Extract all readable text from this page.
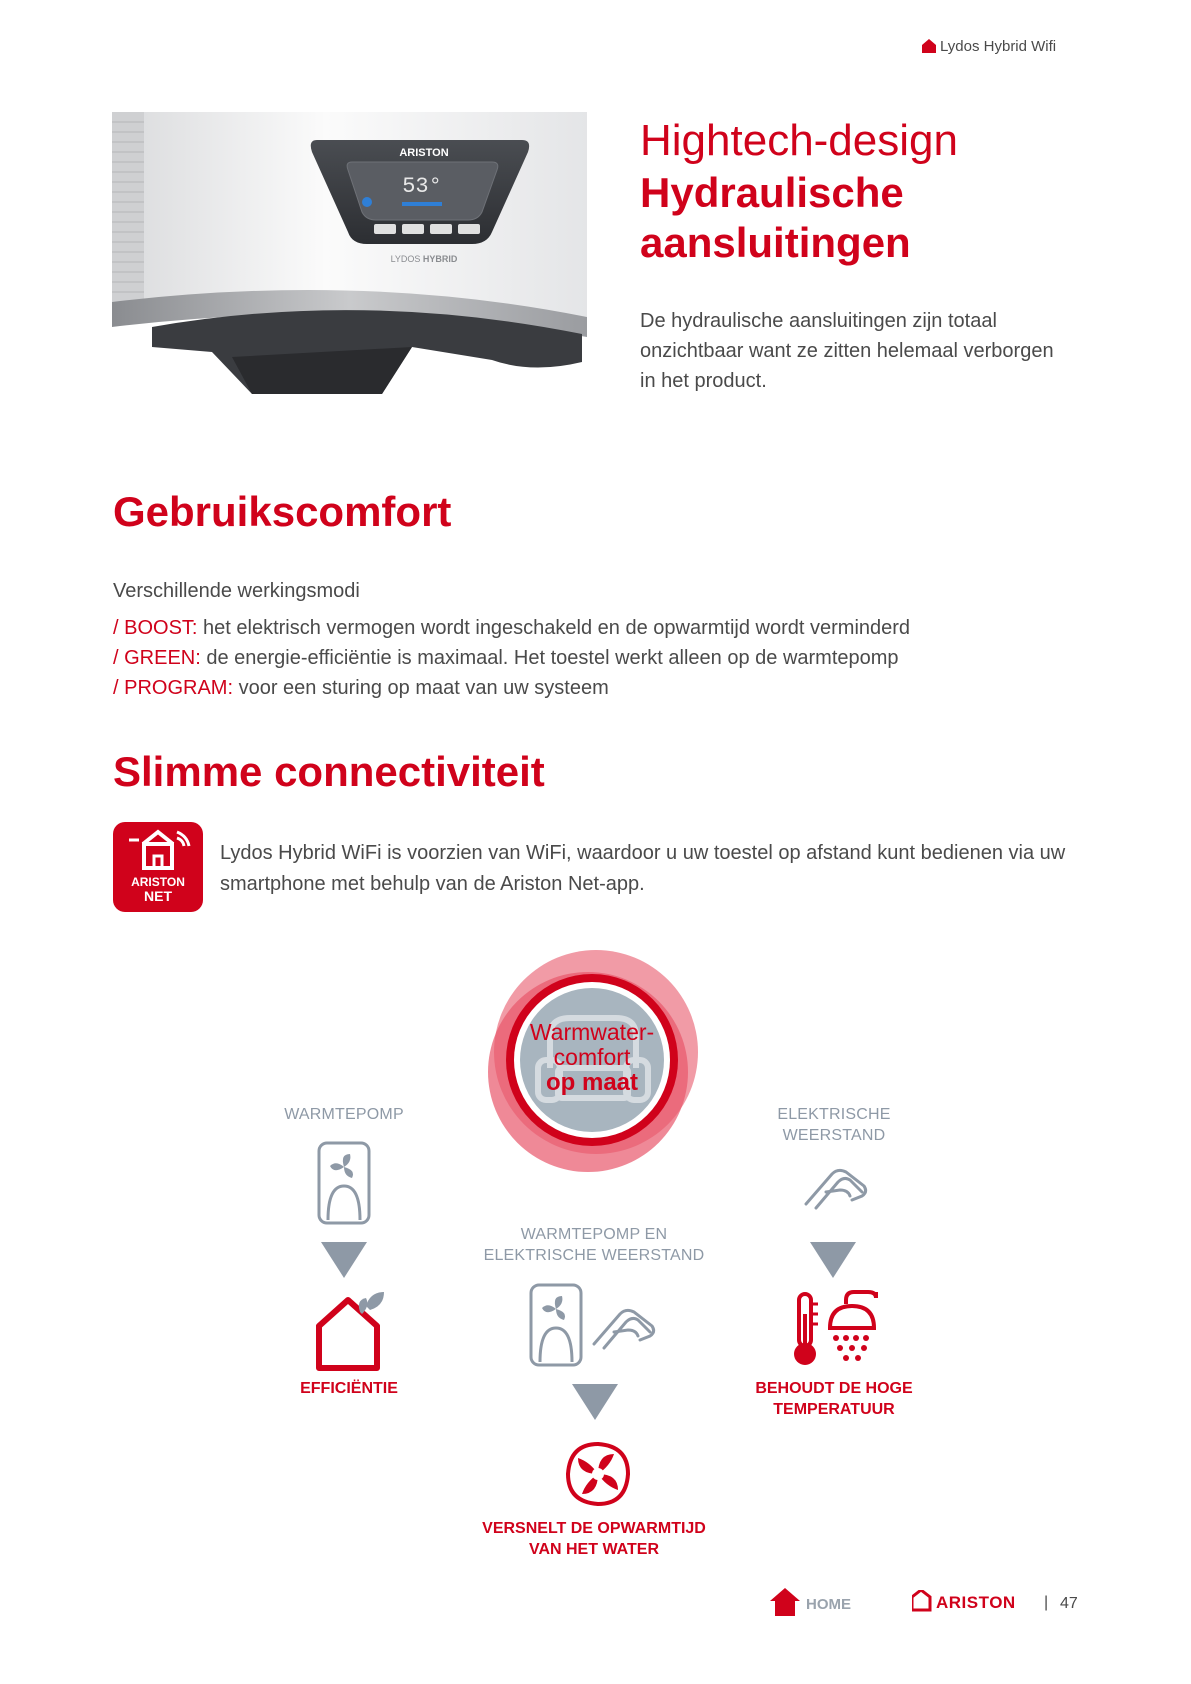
Lydos Hybrid Wifi
ARISTON
53°
LYDOS HYBRID
Hightech-design
Hydraulische aansluitingen
De hydraulische aansluitingen zijn totaal onzichtbaar want ze zitten helemaal verborgen in het product.
Gebruikscomfort
Verschillende werkingsmodi
/ BOOST: het elektrisch vermogen wordt ingeschakeld en de opwarmtijd wordt verminderd
/ GREEN: de energie-efficiëntie is maximaal. Het toestel werkt alleen op de warmtepomp
/ PROGRAM: voor een sturing op maat van uw systeem
Slimme connectiviteit
ARISTON
NET
Lydos Hybrid WiFi is voorzien van WiFi, waardoor u uw toestel op afstand kunt bedienen via uw smartphone met behulp van de Ariston Net-app.
Warmwater-
comfort
op maat
WARMTEPOMP
EFFICIËNTIE
ELEKTRISCHE
WEERSTAND
BEHOUDT DE HOGE
TEMPERATUUR
WARMTEPOMP EN
ELEKTRISCHE WEERSTAND
VERSNELT DE OPWARMTIJD
VAN HET WATER
HOME	ARISTON | 47
